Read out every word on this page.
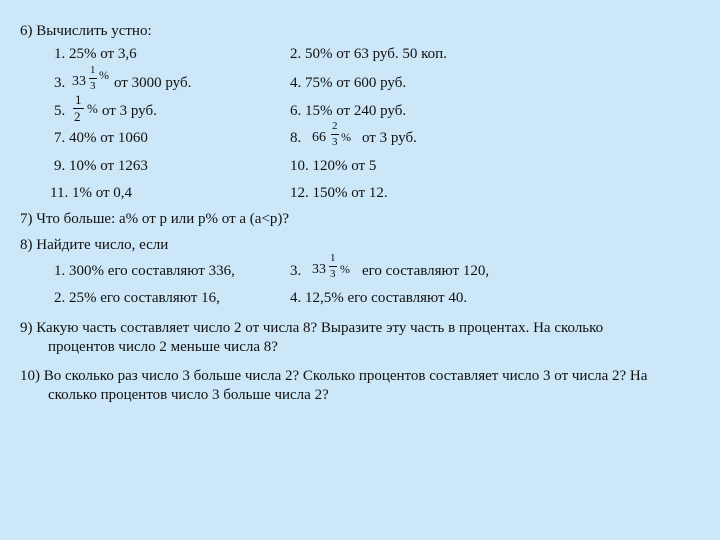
6) Вычислить устно:
1. 25% от 3,6	2. 50% от 63 руб. 50 коп.
3. 33
1
3
% от 3000 руб.	4. 75% от 600 руб.
5.
1
2
% от 3 руб.	6. 15% от 240 руб.
7. 40% от 1060	8. 66
2
3 % от 3 руб.
9. 10% от 1263	10. 120% от 5
11. 1% от 0,4	12. 150% от 12.
7) Что больше: а% от р или р% от а (а<p)?
8) Найдите число, если
1. 300% его составляют 336,	3. 33
1
3 % его составляют 120,
2. 25% его составляют 16,	4. 12,5% его составляют 40.
9) Какую часть составляет число 2 от числа 8? Выразите эту часть в процентах. На сколько
процентов число 2 меньше числа 8?
10) Во сколько раз число 3 больше числа 2? Сколько процентов составляет число 3 от числа 2? На
сколько процентов число 3 больше числа 2?
